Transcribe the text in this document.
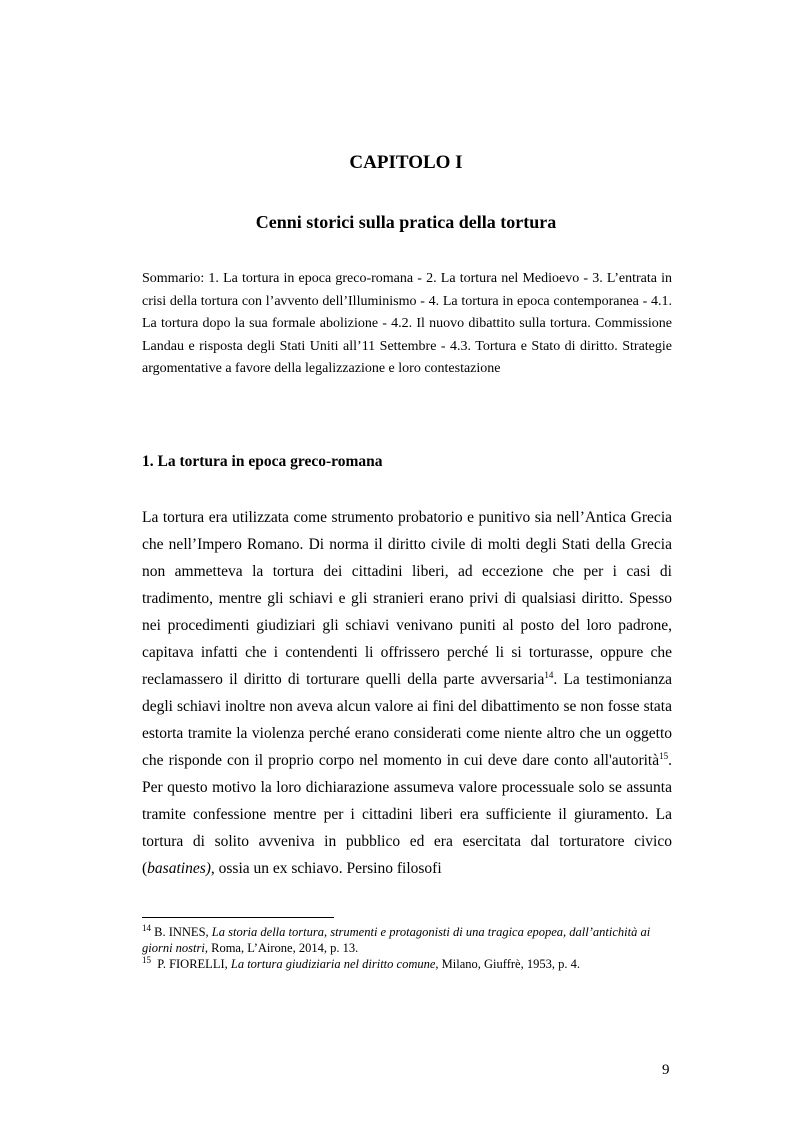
CAPITOLO I
Cenni storici sulla pratica della tortura
Sommario: 1. La tortura in epoca greco-romana - 2. La tortura nel Medioevo - 3. L’entrata in crisi della tortura con l’avvento dell’Illuminismo - 4. La tortura in epoca contemporanea - 4.1. La tortura dopo la sua formale abolizione - 4.2. Il nuovo dibattito sulla tortura. Commissione Landau e risposta degli Stati Uniti all’11 Settembre - 4.3. Tortura e Stato di diritto. Strategie argomentative a favore della legalizzazione e loro contestazione
1. La tortura in epoca greco-romana

La tortura era utilizzata come strumento probatorio e punitivo sia nell’Antica Grecia che nell’Impero Romano. Di norma il diritto civile di molti degli Stati della Grecia non ammetteva la tortura dei cittadini liberi, ad eccezione che per i casi di tradimento, mentre gli schiavi e gli stranieri erano privi di qualsiasi diritto. Spesso nei procedimenti giudiziari gli schiavi venivano puniti al posto del loro padrone, capitava infatti che i contendenti li offrissero perché li si torturasse, oppure che reclamassero il diritto di torturare quelli della parte avversaria$^{14}$. La testimonianza degli schiavi inoltre non aveva alcun valore ai fini del dibattimento se non fosse stata estorta tramite la violenza perché erano considerati come niente altro che un oggetto che risponde con il proprio corpo nel momento in cui deve dare conto all'autorità$^{15}$. Per questo motivo la loro dichiarazione assumeva valore processuale solo se assunta tramite confessione mentre per i cittadini liberi era sufficiente il giuramento. La tortura di solito avveniva in pubblico ed era esercitata dal torturatore civico (basatines), ossia un ex schiavo. Persino filosofi

$^{14}$ B. INNES, La storia della tortura, strumenti e protagonisti di una tragica epopea, dall’antichità ai giorni nostri, Roma, L’Airone, 2014, p. 13.
$^{15}$ P. FIORELLI, La tortura giudiziaria nel diritto comune, Milano, Giuffrè, 1953, p. 4.
9
